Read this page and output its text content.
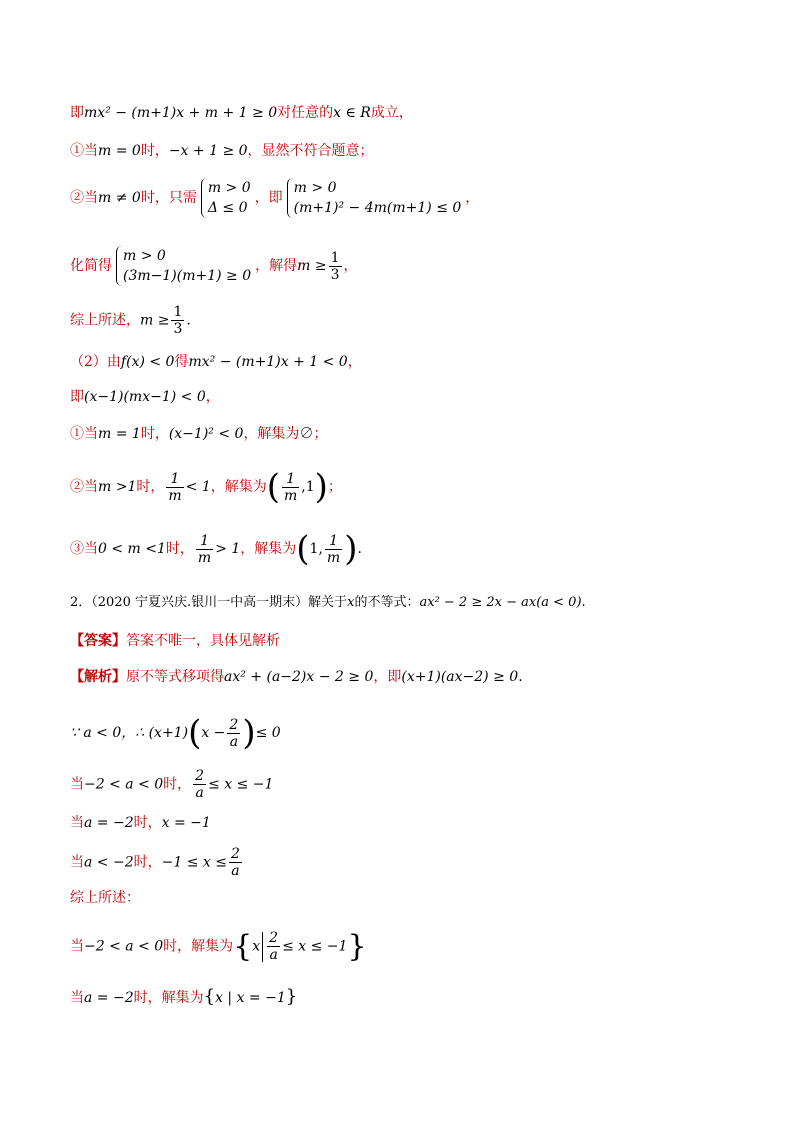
即mx² − (m+1)x + m + 1 ≥ 0对任意的x ∈ R成立，
①当m = 0时，−x + 1 ≥ 0，显然不符合题意；
②当m ≠ 0时，只需
m > 0
Δ ≤ 0
，即
m > 0
(m+1)² − 4m(m+1) ≤ 0
，
化简得
m > 0
(3m−1)(m+1) ≥ 0
，解得$m \ge \frac{1}{3}$ ，
综上所述，$m \ge \frac{1}{3}$ .
（2）由f(x) < 0得mx² − (m+1)x + 1 < 0，
即(x−1)(mx−1) < 0，
①当m = 1时，(x−1)² < 0，解集为∅；
②当m >1时， $\frac{1}{m} < 1$，解集为( $\frac{1}{m} ,1$)；
③当0 < m <1时， $\frac{1}{m} > 1$，解集为(1, $\frac{1}{m}$ ).
2．（2020 宁夏兴庆.银川一中高一期末）解关于x的不等式：ax² − 2 ≥ 2x − ax(a < 0).
【答案】答案不唯一，具体见解析
【解析】原不等式移项得ax² + (a−2)x − 2 ≥ 0，即(x+1)(ax−2) ≥ 0.
∵ a < 0，∴ $(x+1)(x - \frac{2}{a}$ )≤ 0
当−2 < a < 0时， $\frac{2}{a} \le x \le -1$
当a = −2时，x = −1
当a < −2时，$-1 \le x \le \frac{2}{a}$
综上所述：
当−2 < a < 0时，解集为$\{x \frac{2}{a} \le x \le -1\}$
当a = −2时，解集为{x | x = −1}
